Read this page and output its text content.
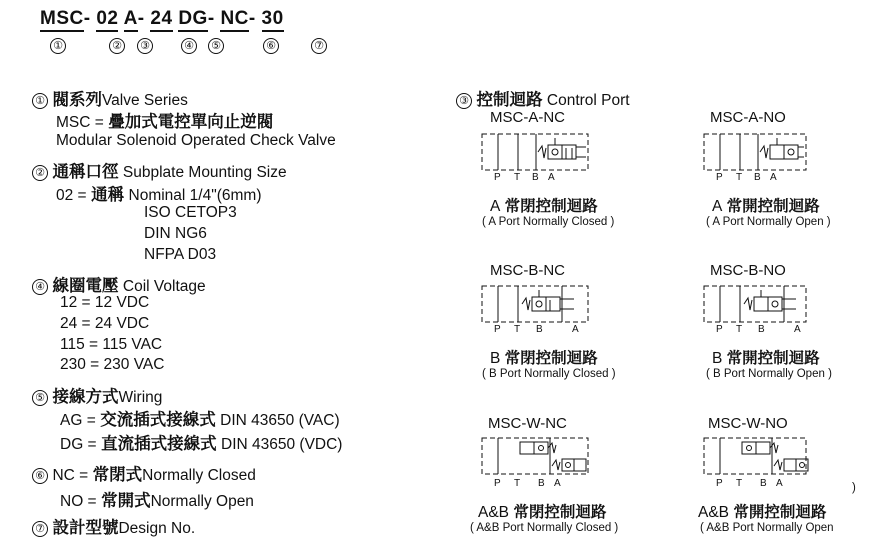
MSC- 02 A- 24 DG- NC- 30
①	② ③	④ ⑤	⑥	⑦
① 閥系列Valve Series
MSC = 疊加式電控單向止逆閥
Modular Solenoid Operated Check Valve
② 通稱口徑 Subplate Mounting Size
02 = 通稱 Nominal 1/4"(6mm)
ISO CETOP3
DIN NG6
NFPA D03
④ 線圈電壓 Coil Voltage
12 = 12 VDC
24 = 24 VDC
115 = 115 VAC
230 = 230 VAC
⑤ 接線方式Wiring
AG = 交流插式接線式 DIN 43650 (VAC)
DG = 直流插式接線式 DIN 43650 (VDC)
⑥ NC = 常閉式Normally Closed
NO = 常開式Normally Open
⑦ 設計型號Design No.
③ 控制迴路 Control Port
MSC-A-NC	MSC-A-NO
MSC-B-NC	MSC-B-NO
MSC-W-NC	MSC-W-NO
P T B A	P T B A
P T B	A	P T B	A
P T B A	P T B A
A 常閉控制迴路
( A Port Normally Closed )
A 常開控制迴路
( A Port Normally Open )
B 常閉控制迴路
( B Port Normally Closed )
B 常開控制迴路
( B Port Normally Open )
A&B 常閉控制迴路
( A&B Port Normally Closed )
A&B 常開控制迴路
( A&B Port Normally Open
)
